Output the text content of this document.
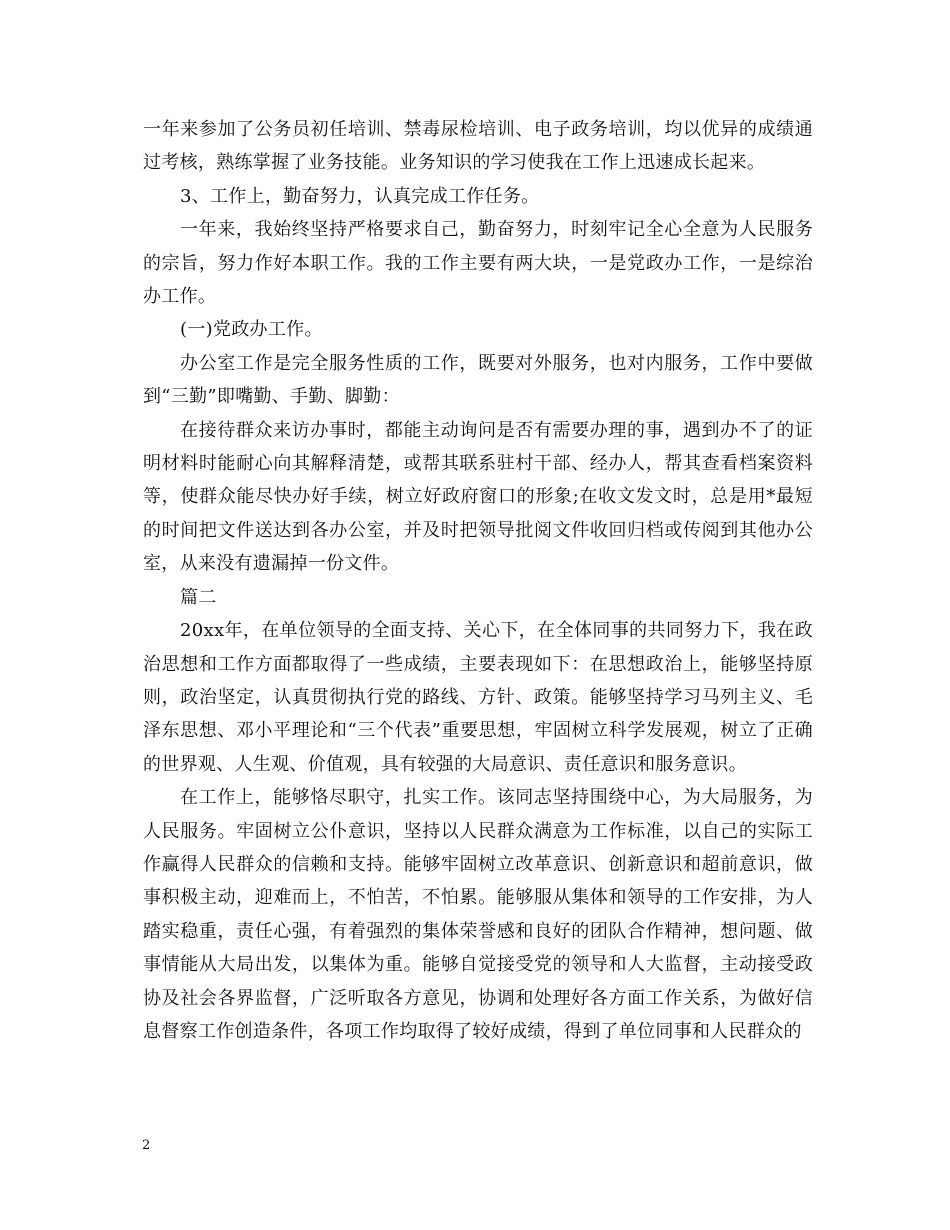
一年来参加了公务员初任培训、禁毒尿检培训、电子政务培训，均以优异的成绩通过考核，熟练掌握了业务技能。业务知识的学习使我在工作上迅速成长起来。

3、工作上，勤奋努力，认真完成工作任务。

一年来，我始终坚持严格要求自己，勤奋努力，时刻牢记全心全意为人民服务的宗旨，努力作好本职工作。我的工作主要有两大块，一是党政办工作，一是综治办工作。

(一)党政办工作。

办公室工作是完全服务性质的工作，既要对外服务，也对内服务，工作中要做到“三勤”即嘴勤、手勤、脚勤：

在接待群众来访办事时，都能主动询问是否有需要办理的事，遇到办不了的证明材料时能耐心向其解释清楚，或帮其联系驻村干部、经办人，帮其查看档案资料等，使群众能尽快办好手续，树立好政府窗口的形象;在收文发文时，总是用*最短的时间把文件送达到各办公室，并及时把领导批阅文件收回归档或传阅到其他办公室，从来没有遗漏掉一份文件。

篇二

20xx年，在单位领导的全面支持、关心下，在全体同事的共同努力下，我在政治思想和工作方面都取得了一些成绩，主要表现如下：在思想政治上，能够坚持原则，政治坚定，认真贯彻执行党的路线、方针、政策。能够坚持学习马列主义、毛泽东思想、邓小平理论和“三个代表”重要思想，牢固树立科学发展观，树立了正确的世界观、人生观、价值观，具有较强的大局意识、责任意识和服务意识。

在工作上，能够恪尽职守，扎实工作。该同志坚持围绕中心，为大局服务，为人民服务。牢固树立公仆意识，坚持以人民群众满意为工作标准，以自己的实际工作赢得人民群众的信赖和支持。能够牢固树立改革意识、创新意识和超前意识，做事积极主动，迎难而上，不怕苦，不怕累。能够服从集体和领导的工作安排，为人踏实稳重，责任心强，有着强烈的集体荣誉感和良好的团队合作精神，想问题、做事情能从大局出发，以集体为重。能够自觉接受党的领导和人大监督，主动接受政协及社会各界监督，广泛听取各方意见，协调和处理好各方面工作关系，为做好信息督察工作创造条件，各项工作均取得了较好成绩，得到了单位同事和人民群众的

2
